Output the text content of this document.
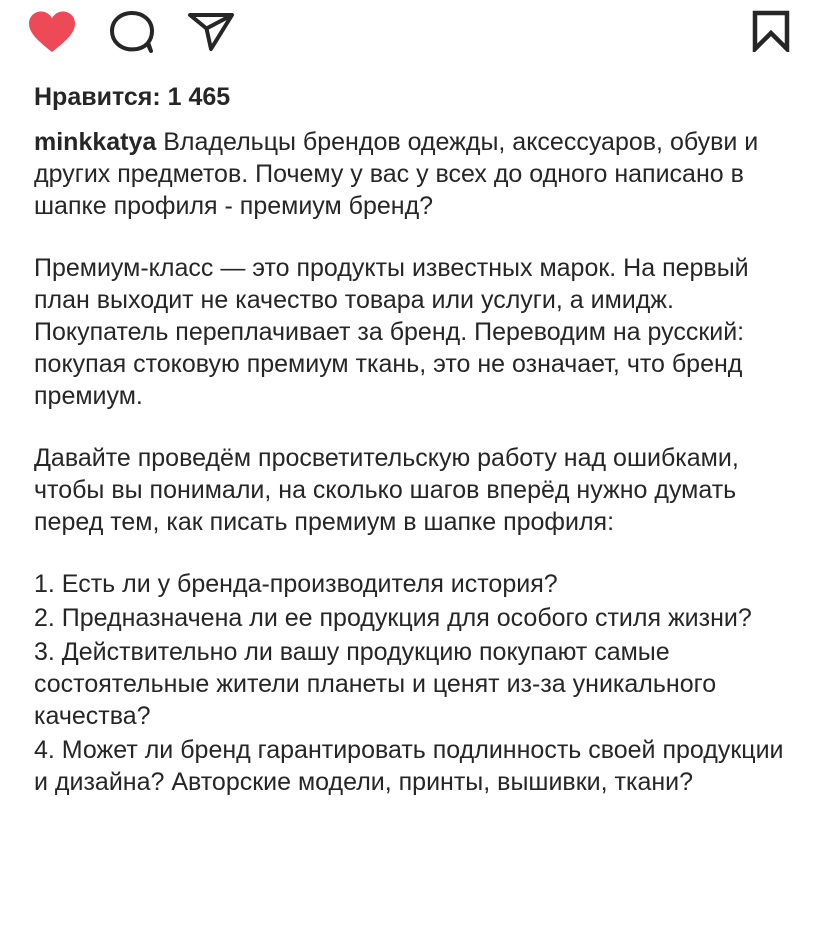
Нравится: 1 465

minkkatya Владельцы брендов одежды, аксессуаров, обуви и других предметов. Почему у вас у всех до одного написано в шапке профиля - премиум бренд?

Премиум-класс — это продукты известных марок. На первый план выходит не качество товара или услуги, а имидж. Покупатель переплачивает за бренд. Переводим на русский: покупая стоковую премиум ткань, это не означает, что бренд премиум.

Давайте проведём просветительскую работу над ошибками, чтобы вы понимали, на сколько шагов вперёд нужно думать перед тем, как писать премиум в шапке профиля:

1. Есть ли у бренда-производителя история?
2. Предназначена ли ее продукция для особого стиля жизни?
3. Действительно ли вашу продукцию покупают самые состоятельные жители планеты и ценят из-за уникального качества?
4. Может ли бренд гарантировать подлинность своей продукции и дизайна? Авторские модели, принты, вышивки, ткани?
